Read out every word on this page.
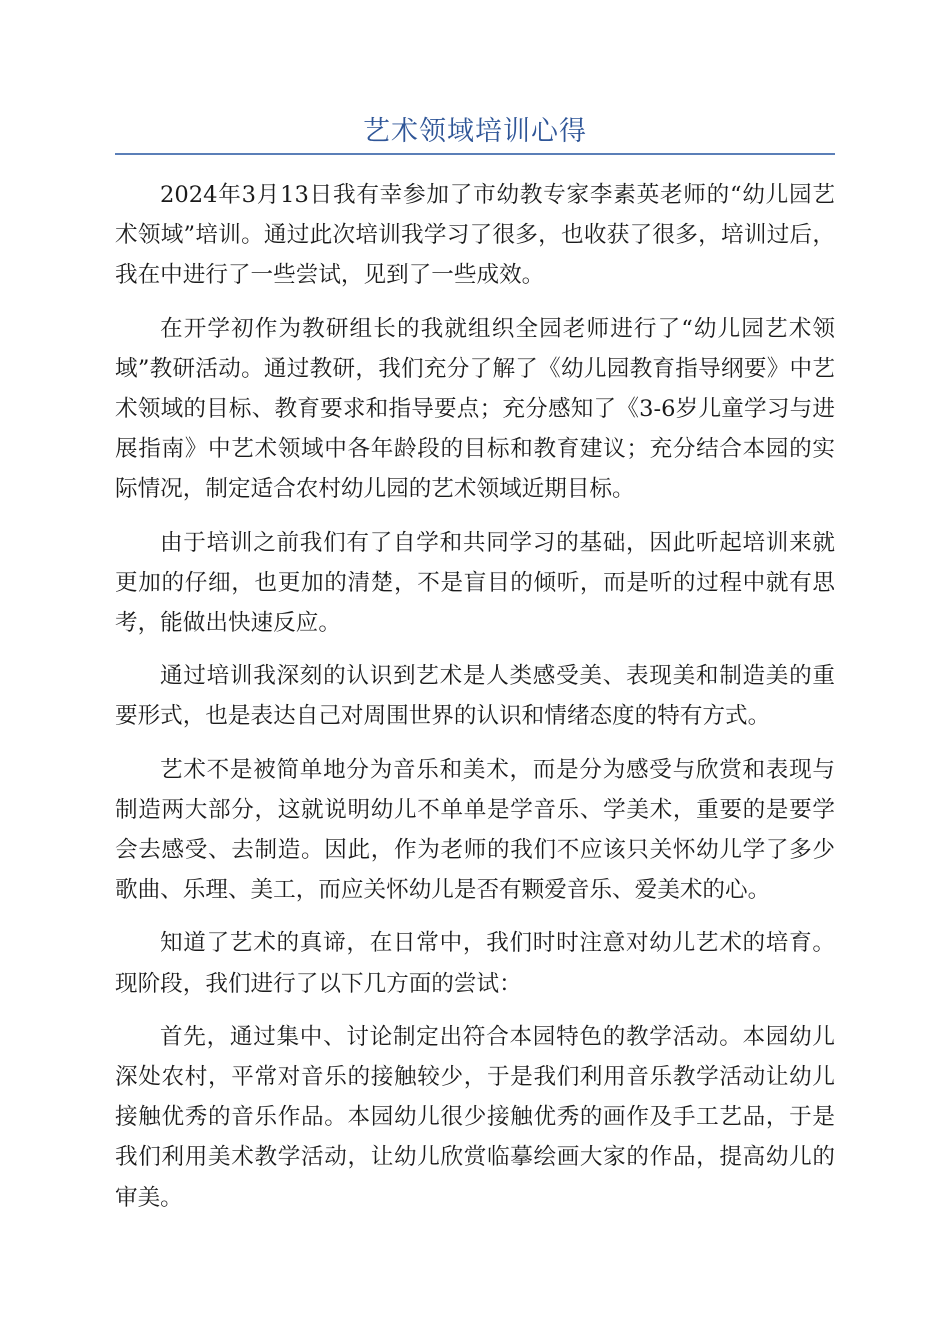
艺术领域培训心得

2024年3月13日我有幸参加了市幼教专家李素英老师的“幼儿园艺术领域”培训。通过此次培训我学习了很多，也收获了很多，培训过后，我在中进行了一些尝试，见到了一些成效。

在开学初作为教研组长的我就组织全园老师进行了“幼儿园艺术领域”教研活动。通过教研，我们充分了解了《幼儿园教育指导纲要》中艺术领域的目标、教育要求和指导要点；充分感知了《3-6岁儿童学习与进展指南》中艺术领域中各年龄段的目标和教育建议；充分结合本园的实际情况，制定适合农村幼儿园的艺术领域近期目标。

由于培训之前我们有了自学和共同学习的基础，因此听起培训来就更加的仔细，也更加的清楚，不是盲目的倾听，而是听的过程中就有思考，能做出快速反应。

通过培训我深刻的认识到艺术是人类感受美、表现美和制造美的重要形式，也是表达自己对周围世界的认识和情绪态度的特有方式。

艺术不是被简单地分为音乐和美术，而是分为感受与欣赏和表现与制造两大部分，这就说明幼儿不单单是学音乐、学美术，重要的是要学会去感受、去制造。因此，作为老师的我们不应该只关怀幼儿学了多少歌曲、乐理、美工，而应关怀幼儿是否有颗爱音乐、爱美术的心。

知道了艺术的真谛，在日常中，我们时时注意对幼儿艺术的培育。现阶段，我们进行了以下几方面的尝试：

首先，通过集中、讨论制定出符合本园特色的教学活动。本园幼儿深处农村，平常对音乐的接触较少，于是我们利用音乐教学活动让幼儿接触优秀的音乐作品。本园幼儿很少接触优秀的画作及手工艺品，于是我们利用美术教学活动，让幼儿欣赏临摹绘画大家的作品，提高幼儿的审美。
